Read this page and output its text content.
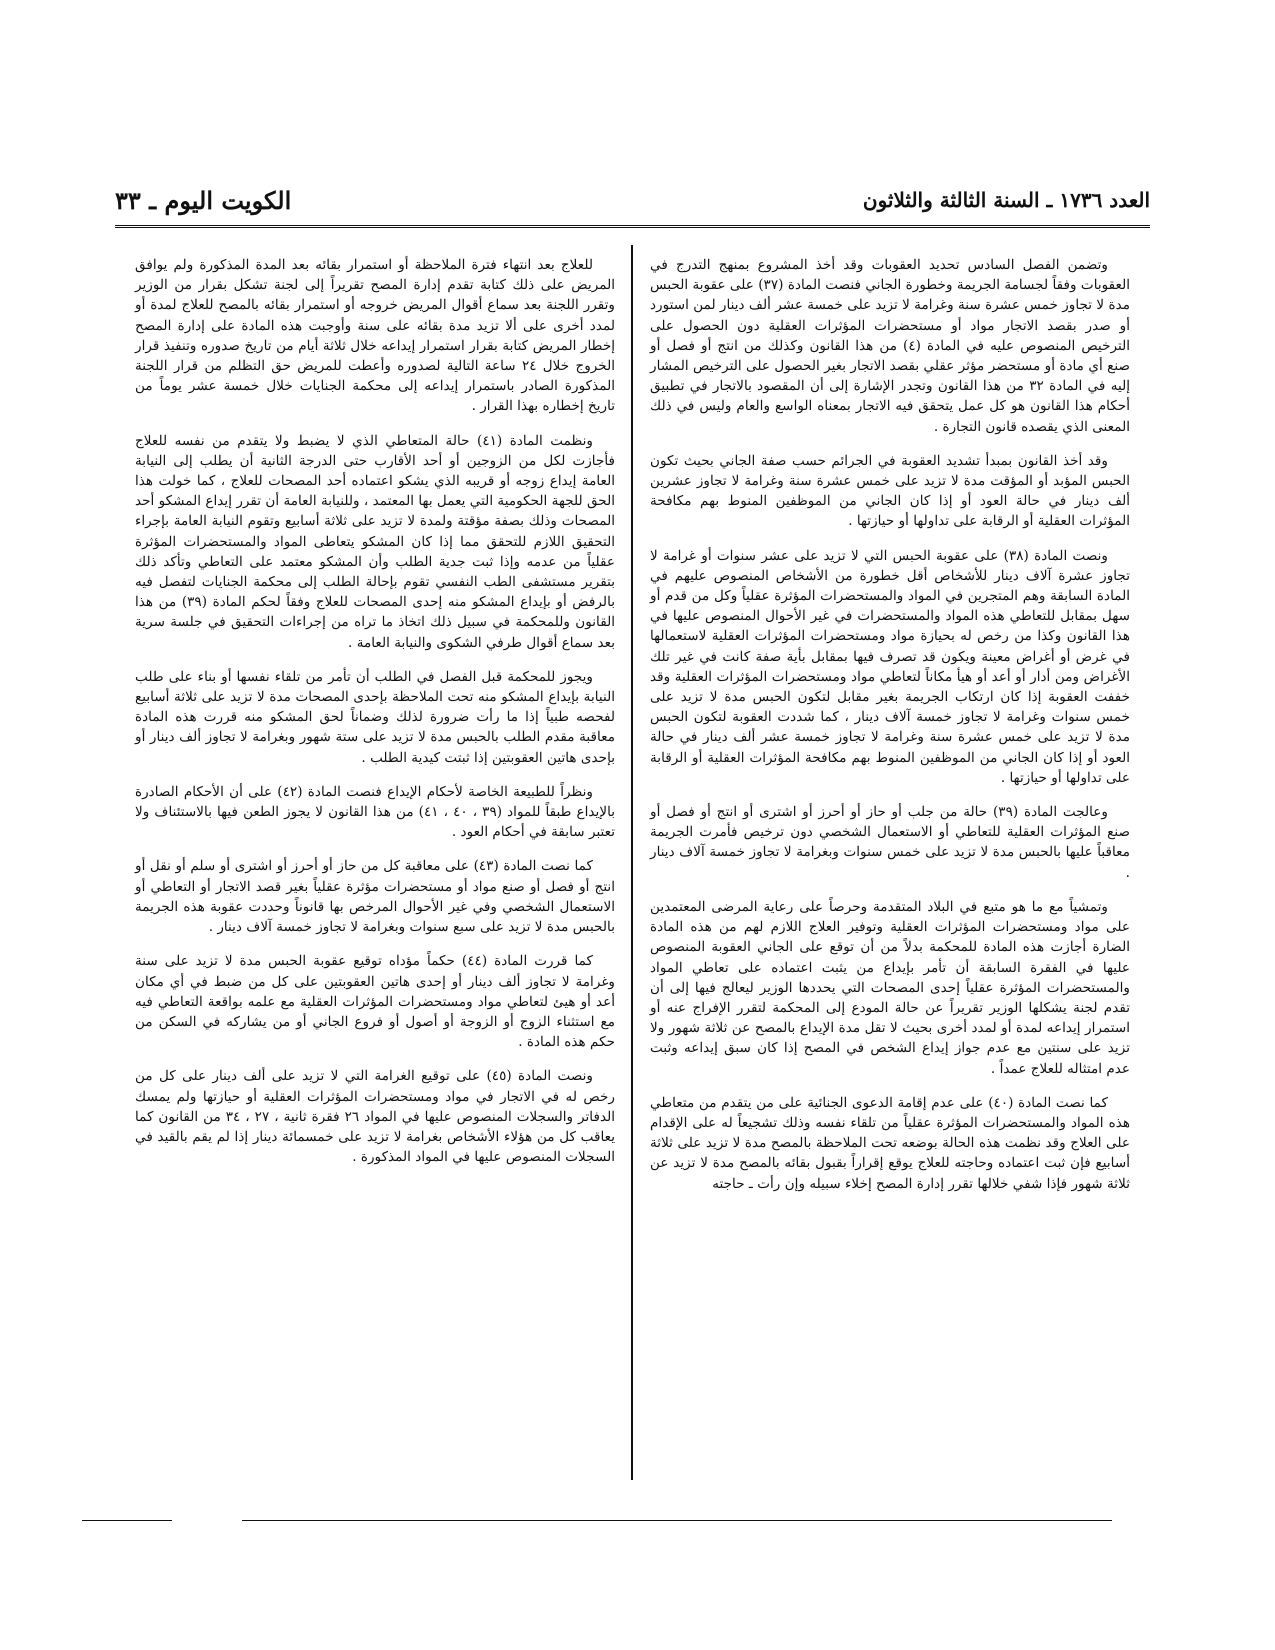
العدد ١٧٣٦ ـ السنة الثالثة والثلاثون
الكويت اليوم ـ ٣٣

وتضمن الفصل السادس تحديد العقوبات وقد أخذ المشروع بمنهج التدرج في العقوبات وفقاً لجسامة الجريمة وخطورة الجاني فنصت المادة (٣٧) على عقوبة الحبس مدة لا تجاوز خمس عشرة سنة وغرامة لا تزيد على خمسة عشر ألف دينار لمن استورد أو صدر بقصد الاتجار مواد أو مستحضرات المؤثرات العقلية دون الحصول على الترخيص المنصوص عليه في المادة (٤) من هذا القانون وكذلك من انتج أو فصل أو صنع أي مادة أو مستحضر مؤثر عقلي بقصد الاتجار بغير الحصول على الترخيص المشار إليه في المادة ٣٢ من هذا القانون وتجدر الإشارة إلى أن المقصود بالاتجار في تطبيق أحكام هذا القانون هو كل عمل يتحقق فيه الاتجار بمعناه الواسع والعام وليس في ذلك المعنى الذي يقصده قانون التجارة .

وقد أخذ القانون بمبدأ تشديد العقوبة في الجرائم حسب صفة الجاني بحيث تكون الحبس المؤبد أو المؤقت مدة لا تزيد على خمس عشرة سنة وغرامة لا تجاوز عشرين ألف دينار في حالة العود أو إذا كان الجاني من الموظفين المنوط بهم مكافحة المؤثرات العقلية أو الرقابة على تداولها أو حيازتها .

ونصت المادة (٣٨) على عقوبة الحبس التي لا تزيد على عشر سنوات أو غرامة لا تجاوز عشرة آلاف دينار للأشخاص أقل خطورة من الأشخاص المنصوص عليهم في المادة السابقة وهم المتجرين في المواد والمستحضرات المؤثرة عقلياً وكل من قدم أو سهل بمقابل للتعاطي هذه المواد والمستحضرات في غير الأحوال المنصوص عليها في هذا القانون وكذا من رخص له بحيازة مواد ومستحضرات المؤثرات العقلية لاستعمالها في غرض أو أغراض معينة ويكون قد تصرف فيها بمقابل بأية صفة كانت في غير تلك الأغراض ومن أدار أو أعد أو هيأ مكاناً لتعاطي مواد ومستحضرات المؤثرات العقلية وقد خففت العقوبة إذا كان ارتكاب الجريمة بغير مقابل لتكون الحبس مدة لا تزيد على خمس سنوات وغرامة لا تجاوز خمسة آلاف دينار ، كما شددت العقوبة لتكون الحبس مدة لا تزيد على خمس عشرة سنة وغرامة لا تجاوز خمسة عشر ألف دينار في حالة العود أو إذا كان الجاني من الموظفين المنوط بهم مكافحة المؤثرات العقلية أو الرقابة على تداولها أو حيازتها .

وعالجت المادة (٣٩) حالة من جلب أو حاز أو أحرز أو اشترى أو انتج أو فصل أو صنع المؤثرات العقلية للتعاطي أو الاستعمال الشخصي دون ترخيص فأمرت الجريمة معاقباً عليها بالحبس مدة لا تزيد على خمس سنوات وبغرامة لا تجاوز خمسة آلاف دينار .

وتمشياً مع ما هو متبع في البلاد المتقدمة وحرصاً على رعاية المرضى المعتمدين على مواد ومستحضرات المؤثرات العقلية وتوفير العلاج اللازم لهم من هذه المادة الضارة أجازت هذه المادة للمحكمة بدلاً من أن توقع على الجاني العقوبة المنصوص عليها في الفقرة السابقة أن تأمر بإيداع من يثبت اعتماده على تعاطي المواد والمستحضرات المؤثرة عقلياً إحدى المصحات التي يحددها الوزير ليعالج فيها إلى أن تقدم لجنة يشكلها الوزير تقريراً عن حالة المودع إلى المحكمة لتقرر الإفراج عنه أو استمرار إيداعه لمدة أو لمدد أخرى بحيث لا تقل مدة الإيداع بالمصح عن ثلاثة شهور ولا تزيد على سنتين مع عدم جواز إيداع الشخص في المصح إذا كان سبق إيداعه وثبت عدم امتثاله للعلاج عمداً .

كما نصت المادة (٤٠) على عدم إقامة الدعوى الجنائية على من يتقدم من متعاطي هذه المواد والمستحضرات المؤثرة عقلياً من تلقاء نفسه وذلك تشجيعاً له على الإقدام على العلاج وقد نظمت هذه الحالة بوضعه تحت الملاحظة بالمصح مدة لا تزيد على ثلاثة أسابيع فإن ثبت اعتماده وحاجته للعلاج يوقع إقراراً بقبول بقائه بالمصح مدة لا تزيد عن ثلاثة شهور فإذا شفي خلالها تقرر إدارة المصح إخلاء سبيله وإن رأت ـ حاجته

للعلاج بعد انتهاء فترة الملاحظة أو استمرار بقائه بعد المدة المذكورة ولم يوافق المريض على ذلك كتابة تقدم إدارة المصح تقريراً إلى لجنة تشكل بقرار من الوزير وتقرر اللجنة بعد سماع أقوال المريض خروجه أو استمرار بقائه بالمصح للعلاج لمدة أو لمدد أخرى على ألا تزيد مدة بقائه على سنة وأوجبت هذه المادة على إدارة المصح إخطار المريض كتابة بقرار استمرار إيداعه خلال ثلاثة أيام من تاريخ صدوره وتنفيذ قرار الخروج خلال ٢٤ ساعة التالية لصدوره وأعطت للمريض حق التظلم من قرار اللجنة المذكورة الصادر باستمرار إيداعه إلى محكمة الجنايات خلال خمسة عشر يوماً من تاريخ إخطاره بهذا القرار .

ونظمت المادة (٤١) حالة المتعاطي الذي لا يضبط ولا يتقدم من نفسه للعلاج فأجازت لكل من الزوجين أو أحد الأقارب حتى الدرجة الثانية أن يطلب إلى النيابة العامة إيداع زوجه أو قريبه الذي يشكو اعتماده أحد المصحات للعلاج ، كما خولت هذا الحق للجهة الحكومية التي يعمل بها المعتمد ، وللنيابة العامة أن تقرر إيداع المشكو أحد المصحات وذلك بصفة مؤقتة ولمدة لا تزيد على ثلاثة أسابيع وتقوم النيابة العامة بإجراء التحقيق اللازم للتحقق مما إذا كان المشكو يتعاطى المواد والمستحضرات المؤثرة عقلياً من عدمه وإذا ثبت جدية الطلب وأن المشكو معتمد على التعاطي وتأكد ذلك بتقرير مستشفى الطب النفسي تقوم بإحالة الطلب إلى محكمة الجنايات لتفصل فيه بالرفض أو بإيداع المشكو منه إحدى المصحات للعلاج وفقاً لحكم المادة (٣٩) من هذا القانون وللمحكمة في سبيل ذلك اتخاذ ما تراه من إجراءات التحقيق في جلسة سرية بعد سماع أقوال طرفي الشكوى والنيابة العامة .

ويجوز للمحكمة قبل الفصل في الطلب أن تأمر من تلقاء نفسها أو بناء على طلب النيابة بإيداع المشكو منه تحت الملاحظة بإحدى المصحات مدة لا تزيد على ثلاثة أسابيع لفحصه طبياً إذا ما رأت ضرورة لذلك وضماناً لحق المشكو منه قررت هذه المادة معاقبة مقدم الطلب بالحبس مدة لا تزيد على ستة شهور وبغرامة لا تجاوز ألف دينار أو بإحدى هاتين العقوبتين إذا ثبتت كيدية الطلب .

ونظراً للطبيعة الخاصة لأحكام الإيداع فنصت المادة (٤٢) على أن الأحكام الصادرة بالإيداع طبقاً للمواد (٣٩ ، ٤٠ ، ٤١) من هذا القانون لا يجوز الطعن فيها بالاستئناف ولا تعتبر سابقة في أحكام العود .

كما نصت المادة (٤٣) على معاقبة كل من حاز أو أحرز أو اشترى أو سلم أو نقل أو انتج أو فصل أو صنع مواد أو مستحضرات مؤثرة عقلياً بغير قصد الاتجار أو التعاطي أو الاستعمال الشخصي وفي غير الأحوال المرخص بها قانوناً وحددت عقوبة هذه الجريمة بالحبس مدة لا تزيد على سبع سنوات وبغرامة لا تجاوز خمسة آلاف دينار .

كما قررت المادة (٤٤) حكماً مؤداه توقيع عقوبة الحبس مدة لا تزيد على سنة وغرامة لا تجاوز ألف دينار أو إحدى هاتين العقوبتين على كل من ضبط في أي مكان أعد أو هيئ لتعاطي مواد ومستحضرات المؤثرات العقلية مع علمه بواقعة التعاطي فيه مع استثناء الزوج أو الزوجة أو أصول أو فروع الجاني أو من يشاركه في السكن من حكم هذه المادة .

ونصت المادة (٤٥) على توقيع الغرامة التي لا تزيد على ألف دينار على كل من رخص له في الاتجار في مواد ومستحضرات المؤثرات العقلية أو حيازتها ولم يمسك الدفاتر والسجلات المنصوص عليها في المواد ٢٦ فقرة ثانية ، ٢٧ ، ٣٤ من القانون كما يعاقب كل من هؤلاء الأشخاص بغرامة لا تزيد على خمسمائة دينار إذا لم يقم بالقيد في السجلات المنصوص عليها في المواد المذكورة .
